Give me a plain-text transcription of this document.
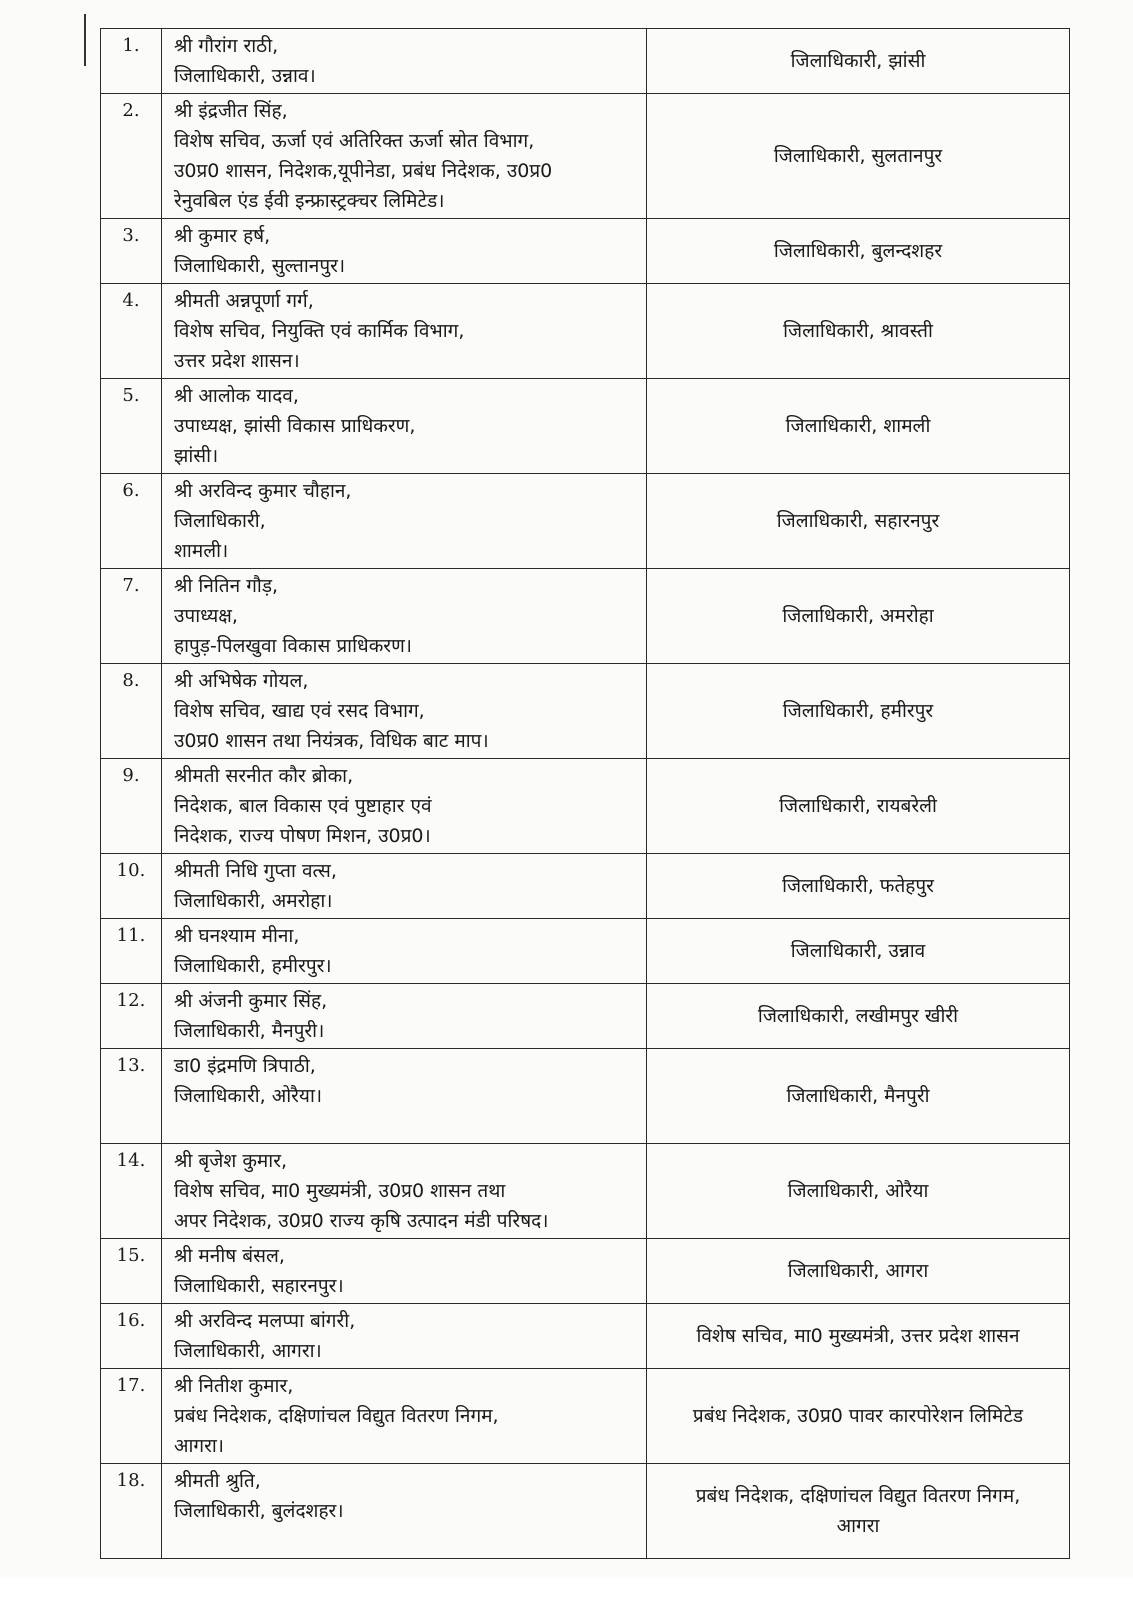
1.	श्री गौरांग राठी,
जिलाधिकारी, उन्नाव।	जिलाधिकारी, झांसी

2.	श्री इंद्रजीत सिंह,
विशेष सचिव, ऊर्जा एवं अतिरिक्त ऊर्जा स्रोत विभाग,
उ0प्र0 शासन, निदेशक,यूपीनेडा, प्रबंध निदेशक, उ0प्र0
रेनुवबिल एंड ईवी इन्फ्रास्ट्रक्चर लिमिटेड।	जिलाधिकारी, सुलतानपुर

3.	श्री कुमार हर्ष,
जिलाधिकारी, सुल्तानपुर।	जिलाधिकारी, बुलन्दशहर

4.	श्रीमती अन्नपूर्णा गर्ग,
विशेष सचिव, नियुक्ति एवं कार्मिक विभाग,
उत्तर प्रदेश शासन।	जिलाधिकारी, श्रावस्ती

5.	श्री आलोक यादव,
उपाध्यक्ष, झांसी विकास प्राधिकरण,
झांसी।	जिलाधिकारी, शामली

6.	श्री अरविन्द कुमार चौहान,
जिलाधिकारी,
शामली।	जिलाधिकारी, सहारनपुर

7.	श्री नितिन गौड़,
उपाध्यक्ष,
हापुड़-पिलखुवा विकास प्राधिकरण।	जिलाधिकारी, अमरोहा

8.	श्री अभिषेक गोयल,
विशेष सचिव, खाद्य एवं रसद विभाग,
उ0प्र0 शासन तथा नियंत्रक, विधिक बाट माप।	जिलाधिकारी, हमीरपुर

9.	श्रीमती सरनीत कौर ब्रोका,
निदेशक, बाल विकास एवं पुष्टाहार एवं
निदेशक, राज्य पोषण मिशन, उ0प्र0।	जिलाधिकारी, रायबरेली

10.	श्रीमती निधि गुप्ता वत्स,
जिलाधिकारी, अमरोहा।	जिलाधिकारी, फतेहपुर

11.	श्री घनश्याम मीना,
जिलाधिकारी, हमीरपुर।	जिलाधिकारी, उन्नाव

12.	श्री अंजनी कुमार सिंह,
जिलाधिकारी, मैनपुरी।	जिलाधिकारी, लखीमपुर खीरी

13.	डा0 इंद्रमणि त्रिपाठी,
जिलाधिकारी, ओरैया।	जिलाधिकारी, मैनपुरी

14.	श्री बृजेश कुमार,
विशेष सचिव, मा0 मुख्यमंत्री, उ0प्र0 शासन तथा
अपर निदेशक, उ0प्र0 राज्य कृषि उत्पादन मंडी परिषद।	जिलाधिकारी, ओरैया

15.	श्री मनीष बंसल,
जिलाधिकारी, सहारनपुर।	जिलाधिकारी, आगरा

16.	श्री अरविन्द मलप्पा बांगरी,
जिलाधिकारी, आगरा।	विशेष सचिव, मा0 मुख्यमंत्री, उत्तर प्रदेश शासन

17.	श्री नितीश कुमार,
प्रबंध निदेशक, दक्षिणांचल विद्युत वितरण निगम,
आगरा।	प्रबंध निदेशक, उ0प्र0 पावर कारपोरेशन लिमिटेड

18.	श्रीमती श्रुति,
जिलाधिकारी, बुलंदशहर।	प्रबंध निदेशक, दक्षिणांचल विद्युत वितरण निगम,
आगरा
